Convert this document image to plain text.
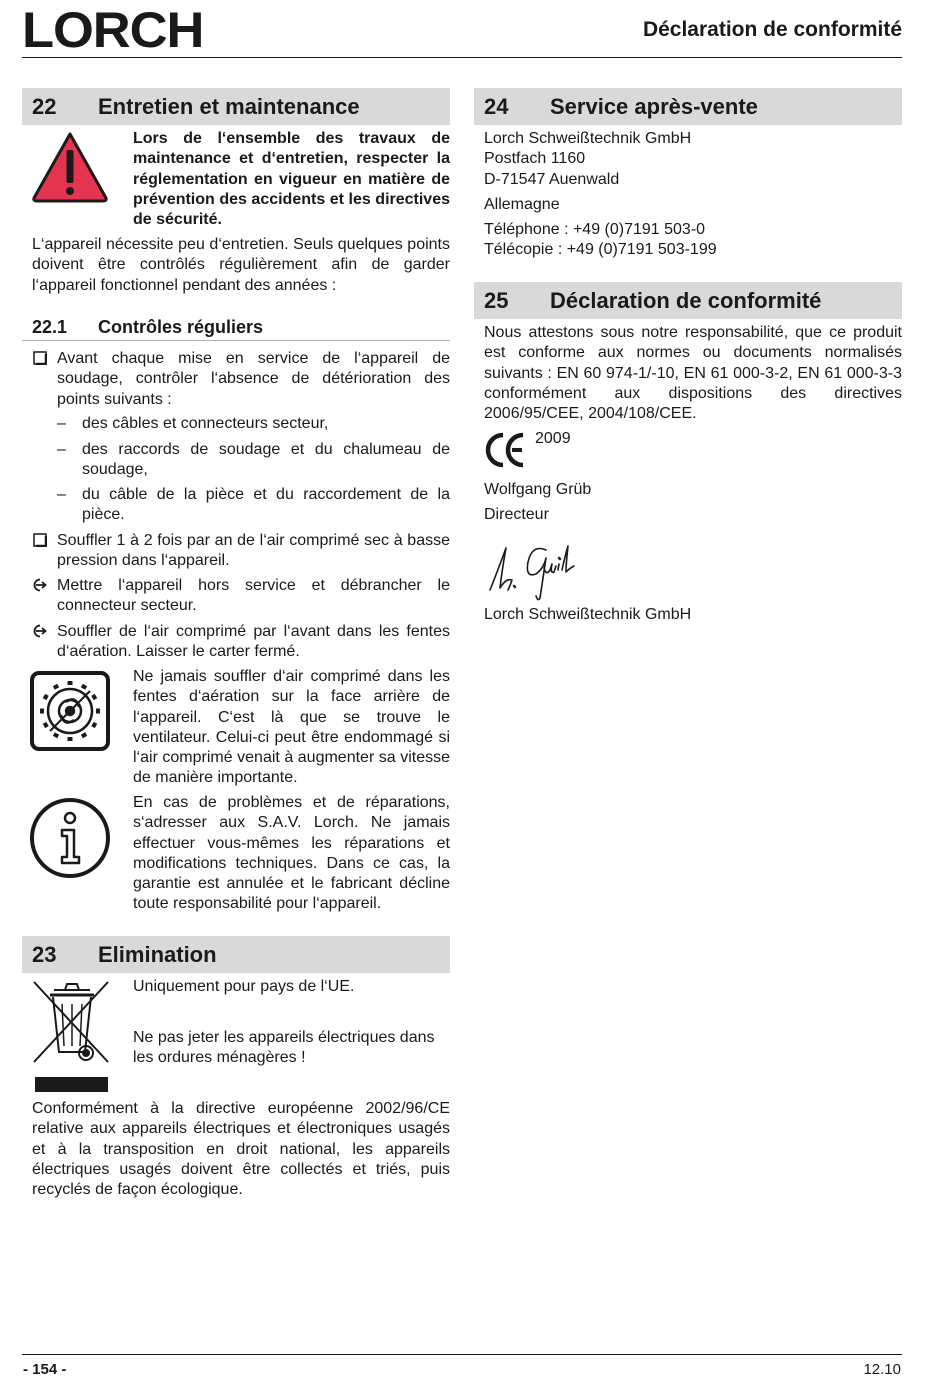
LORCH	Déclaration de conformité
22 Entretien et maintenance
Lors de l‘ensemble des travaux de maintenance et d‘entretien, respecter la réglementation en vigueur en matière de prévention des accidents et les directives de sécurité.
L‘appareil nécessite peu d‘entretien. Seuls quelques points doivent être contrôlés régulièrement afin de garder l‘appareil fonctionnel pendant des années :
22.1 Contrôles réguliers
Avant chaque mise en service de l‘appareil de soudage, contrôler l‘absence de détérioration des points suivants :
–	des câbles et connecteurs secteur,
–	des raccords de soudage et du chalumeau de soudage,
–	du câble de la pièce et du raccordement de la pièce.
Souffler 1 à 2 fois par an de l‘air comprimé sec à basse pression dans l‘appareil.
Mettre l‘appareil hors service et débrancher le connecteur secteur.
Souffler de l‘air comprimé par l‘avant dans les fentes d‘aération. Laisser le carter fermé.
Ne jamais souffler d‘air comprimé dans les fentes d‘aération sur la face arrière de l‘appareil. C‘est là que se trouve le ventilateur. Celui-ci peut être endommagé si l‘air comprimé venait à augmenter sa vitesse de manière importante.
En cas de problèmes et de réparations, s‘adresser aux S.A.V. Lorch. Ne jamais effectuer vous-mêmes les réparations et modifications techniques. Dans ce cas, la garantie est annulée et le fabricant décline toute responsabilité pour l‘appareil.
23 Elimination
Uniquement pour pays de l‘UE.
Ne pas jeter les appareils électriques dans les ordures ménagères !
Conformément à la directive européenne 2002/96/CE relative aux appareils électriques et électroniques usagés et à la transposition en droit national, les appareils électriques usagés doivent être collectés et triés, puis recyclés de façon écologique.
24 Service après-vente
Lorch Schweißtechnik GmbH
Postfach 1160
D-71547 Auenwald
Allemagne
Téléphone : +49 (0)7191 503-0
Télécopie : +49 (0)7191 503-199
25 Déclaration de conformité
Nous attestons sous notre responsabilité, que ce produit est conforme aux normes ou documents normalisés suivants : EN 60 974-1/-10, EN 61 000-3-2, EN 61 000-3-3 conformément aux dispositions des directives 2006/95/CEE, 2004/108/CEE.
2009
Wolfgang Grüb
Directeur
Lorch Schweißtechnik GmbH
- 154 -	12.10
